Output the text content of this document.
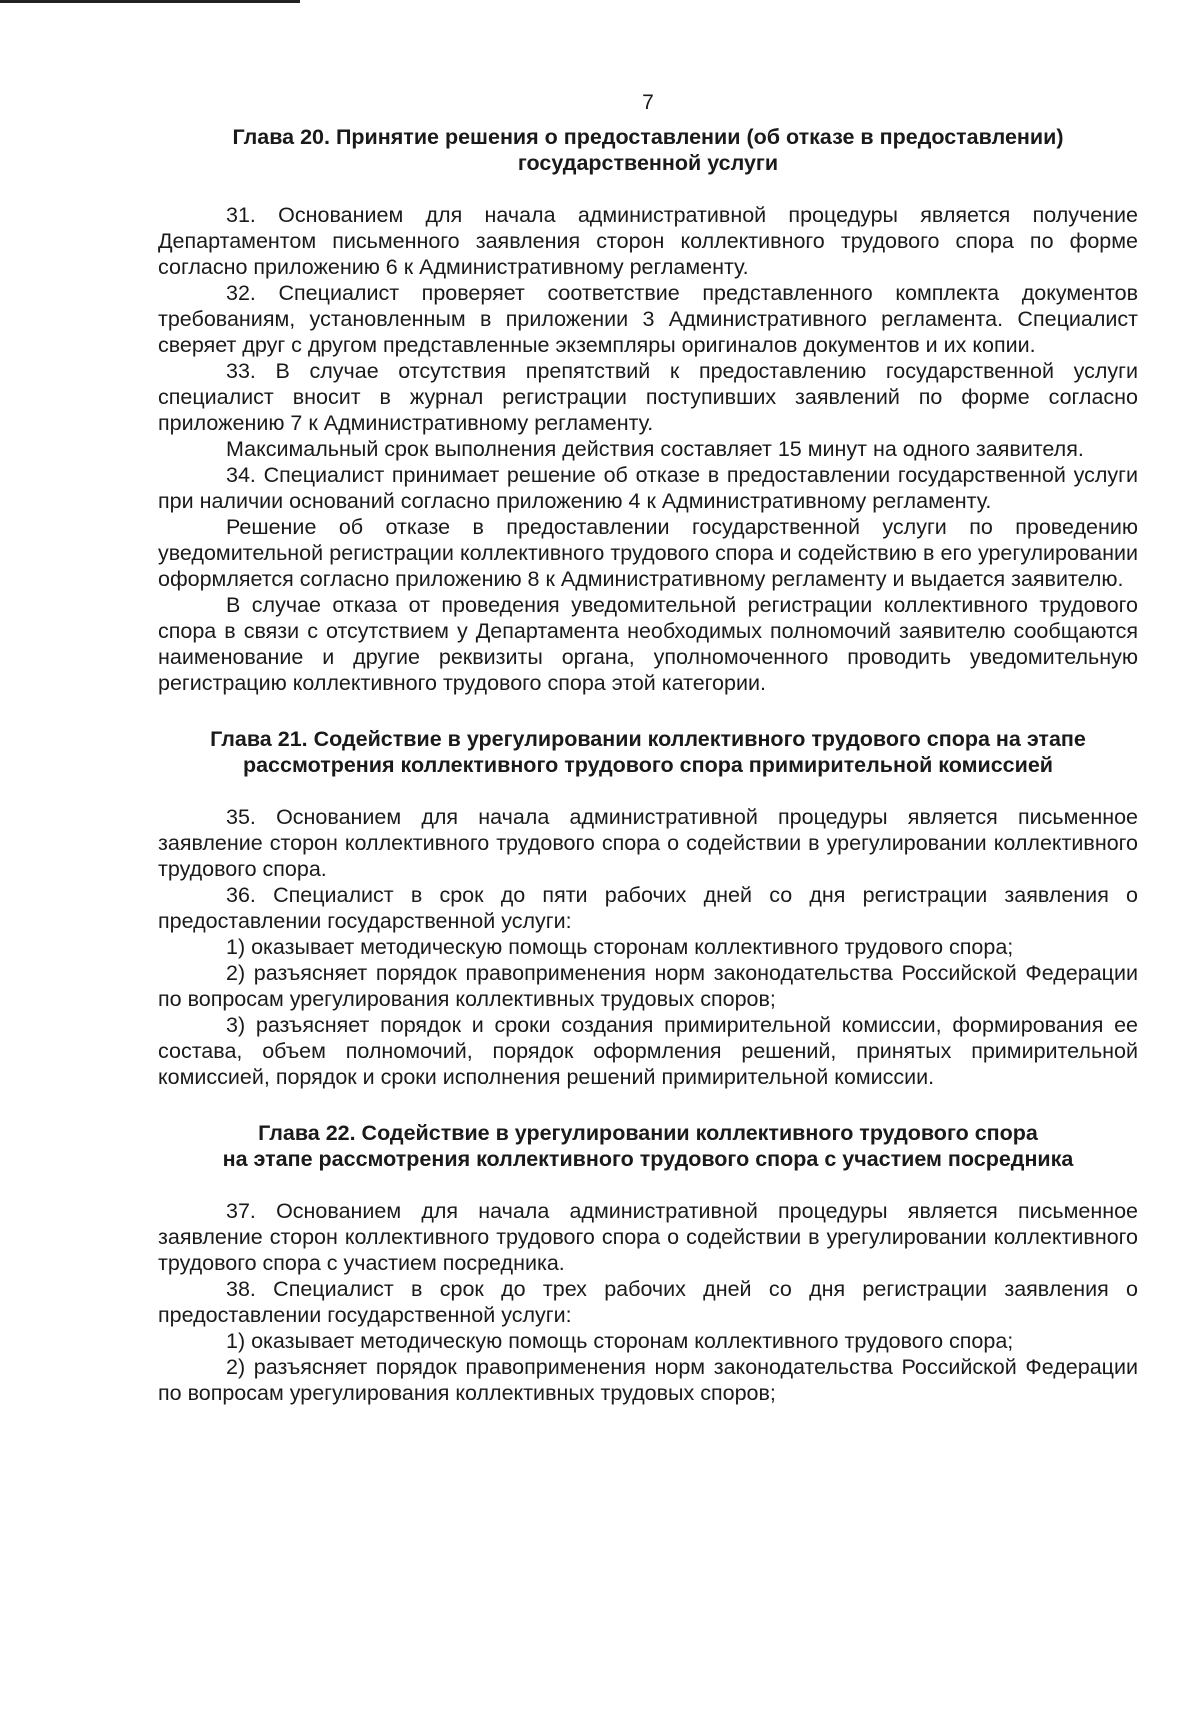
7
Глава 20. Принятие решения о предоставлении (об отказе в предоставлении)
государственной услуги

31. Основанием для начала административной процедуры является получение Департаментом письменного заявления сторон коллективного трудового спора по форме согласно приложению 6 к Административному регламенту.

32. Специалист проверяет соответствие представленного комплекта документов требованиям, установленным в приложении 3 Административного регламента. Специалист сверяет друг с другом представленные экземпляры оригиналов документов и их копии.

33. В случае отсутствия препятствий к предоставлению государственной услуги специалист вносит в журнал регистрации поступивших заявлений по форме согласно приложению 7 к Административному регламенту.

Максимальный срок выполнения действия составляет 15 минут на одного заявителя.

34. Специалист принимает решение об отказе в предоставлении государственной услуги при наличии оснований согласно приложению 4 к Административному регламенту.

Решение об отказе в предоставлении государственной услуги по проведению уведомительной регистрации коллективного трудового спора и содействию в его урегулировании оформляется согласно приложению 8 к Административному регламенту и выдается заявителю.

В случае отказа от проведения уведомительной регистрации коллективного трудового спора в связи с отсутствием у Департамента необходимых полномочий заявителю сообщаются наименование и другие реквизиты органа, уполномоченного проводить уведомительную регистрацию коллективного трудового спора этой категории.

Глава 21. Содействие в урегулировании коллективного трудового спора на этапе
рассмотрения коллективного трудового спора примирительной комиссией

35. Основанием для начала административной процедуры является письменное заявление сторон коллективного трудового спора о содействии в урегулировании коллективного трудового спора.

36. Специалист в срок до пяти рабочих дней со дня регистрации заявления о предоставлении государственной услуги:

1) оказывает методическую помощь сторонам коллективного трудового спора;

2) разъясняет порядок правоприменения норм законодательства Российской Федерации по вопросам урегулирования коллективных трудовых споров;

3) разъясняет порядок и сроки создания примирительной комиссии, формирования ее состава, объем полномочий, порядок оформления решений, принятых примирительной комиссией, порядок и сроки исполнения решений примирительной комиссии.

Глава 22. Содействие в урегулировании коллективного трудового спора
на этапе рассмотрения коллективного трудового спора с участием посредника

37. Основанием для начала административной процедуры является письменное заявление сторон коллективного трудового спора о содействии в урегулировании коллективного трудового спора с участием посредника.

38. Специалист в срок до трех рабочих дней со дня регистрации заявления о предоставлении государственной услуги:

1) оказывает методическую помощь сторонам коллективного трудового спора;

2) разъясняет порядок правоприменения норм законодательства Российской Федерации по вопросам урегулирования коллективных трудовых споров;
